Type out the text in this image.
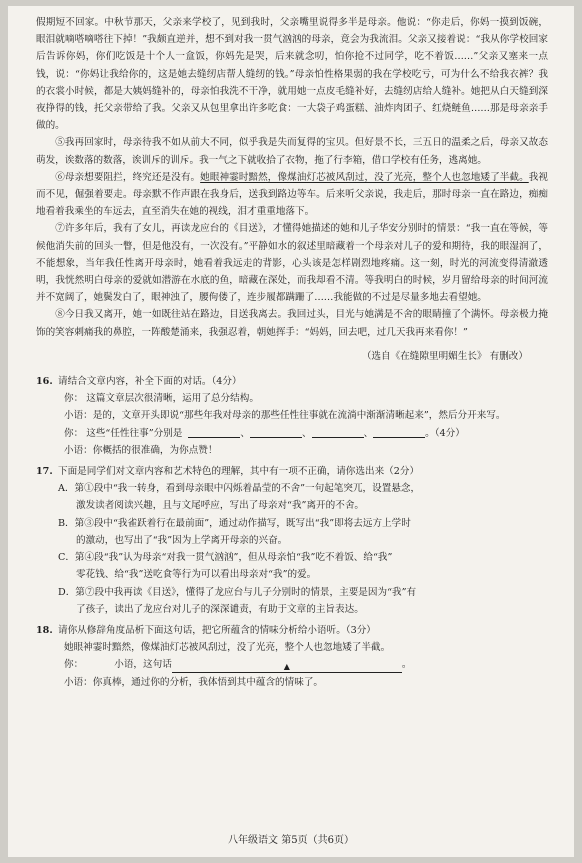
假期短不回家。中秋节那天，父亲来学校了，见到我时，父亲嘴里说得多半是母亲。他说：“你走后，你妈一摸到饭碗，眼泪就嘀嗒嘀嗒往下掉！”我颇直逆并，想不到对我一贯气汹汹的母亲，竟会为我流泪。父亲又接着说：“我从你学校回家后告诉你妈，你们吃饭是十个人一盒饭，你妈先是哭，后来就念叨，怕你抢不过同学，吃不着饭……”父亲又塞来一点钱，说：“你妈让我给你的，这是她去缝纫店帮人缝纫的钱。”母亲怕性格果弱的我在学校吃亏，可为什么不给我衣裤？我的衣裳小时候，都是大姨妈缝补的，母亲怕我洗不干净，就用她一点皮毛缝补好，去缝纫店给人缝补。她把从白天缝到深夜挣得的钱，托父亲带给了我。父亲又从包里拿出许多吃食：一大袋子鸡蛋糕、油炸肉团子、红烧鲢鱼……那是母亲亲手做的。

⑤我再回家时，母亲待我不如从前大不同，似乎我是失而复得的宝贝。但好景不长，三五日的温柔之后，母亲又故态萌发，诶数落的数落，诶训斥的训斥。我一气之下就收拾了衣物，拖了行李箱，借口学校有任务，逃离她。

⑥母亲想要阻拦，终究还是没有。她眼神霎时黯然，像煤油灯芯被风刮过，没了光亮，整个人也忽地矮了半截。我视而不见，倔强着要走。母亲默不作声跟在我身后，送我到路边等车。后来听父亲说，我走后，那时母亲一直在路边，痴痴地看着我乘坐的车远去，直至消失在她的视线，泪才重重地落下。

⑦许多年后，我有了女儿，再读龙应台的《目送》，才懂得她描述的她和儿子华安分别时的情景：“我一直在等候，等候他消失前的回头一瞥，但是他没有，一次没有。”平静如水的叙述里暗藏着一个母亲对儿子的爱和期待，我的眼湿润了，不能想象，当年我任性离开母亲时，她看着我远走的背影，心头该是怎样剧烈地疼痛。这一刻，时光的河流变得清澈透明，我恍然明白母亲的爱就如潜游在水底的鱼，暗藏在深处，而我却看不清。等我明白的时候，岁月留给母亲的时间河流并不宽阔了，她鬓发白了，眼神浊了，腰佝偻了，连步履都蹒跚了……我能做的不过是尽量多地去看望她。

⑧今日我又离开，她一如既往站在路边，目送我离去。我回过头，目光与她满是不舍的眼睛撞了个满怀。母亲极力掩饰的笑容刺痛我的鼻腔，一阵酸楚涌来，我强忍着，朝她挥手：“妈妈，回去吧，过几天我再来看你！”

（选自《在缝隙里明媚生长》 有删改）
16. 请结合文章内容，补全下面的对话。（4分）
你： 这篇文章层次很清晰，运用了总分结构。
小语：是的，文章开头即说“那些年我对母亲的那些任性往事就在流淌中渐渐清晰起来”，然后分开来写。
你： 这些“任性往事”分别是	、	、	、	。（4分）
小语：你概括的很准确，为你点赞！
17. 下面是同学们对文章内容和艺术特色的理解，其中有一项不正确，请你选出来（2分）
A．第①段中“我一转身，看到母亲眼中闪烁着晶莹的不舍”一句起笔突兀，设置悬念，
激发读者阅读兴趣，且与文尾呼应，写出了母亲对“我”离开的不舍。
B．第③段中“我雀跃着行在最前面”，通过动作描写，既写出“我”即将去远方上学时
的激动，也写出了“我”因为上学离开母亲的兴奋。
C．第④段“我”认为母亲“对我一贯气汹汹”，但从母亲怕“我”吃不着饭、给“我”
零花钱、给“我”送吃食等行为可以看出母亲对“我”的爱。
D．第⑦段中我再读《目送》，懂得了龙应台与儿子分别时的情景，主要是因为“我”有
了孩子，读出了龙应台对儿子的深深谴责，有助于文章的主旨表达。
18. 请你从修辞角度品析下面这句话，把它所蕴含的情味分析给小语听。（3分）
她眼神霎时黯然，像煤油灯芯被风刮过，没了光亮，整个人也忽地矮了半截。
你：	小语，这句话	▲	。
小语：你真棒，通过你的分析，我体悟到其中蕴含的情味了。
八年级语文 第5页（共6页）
